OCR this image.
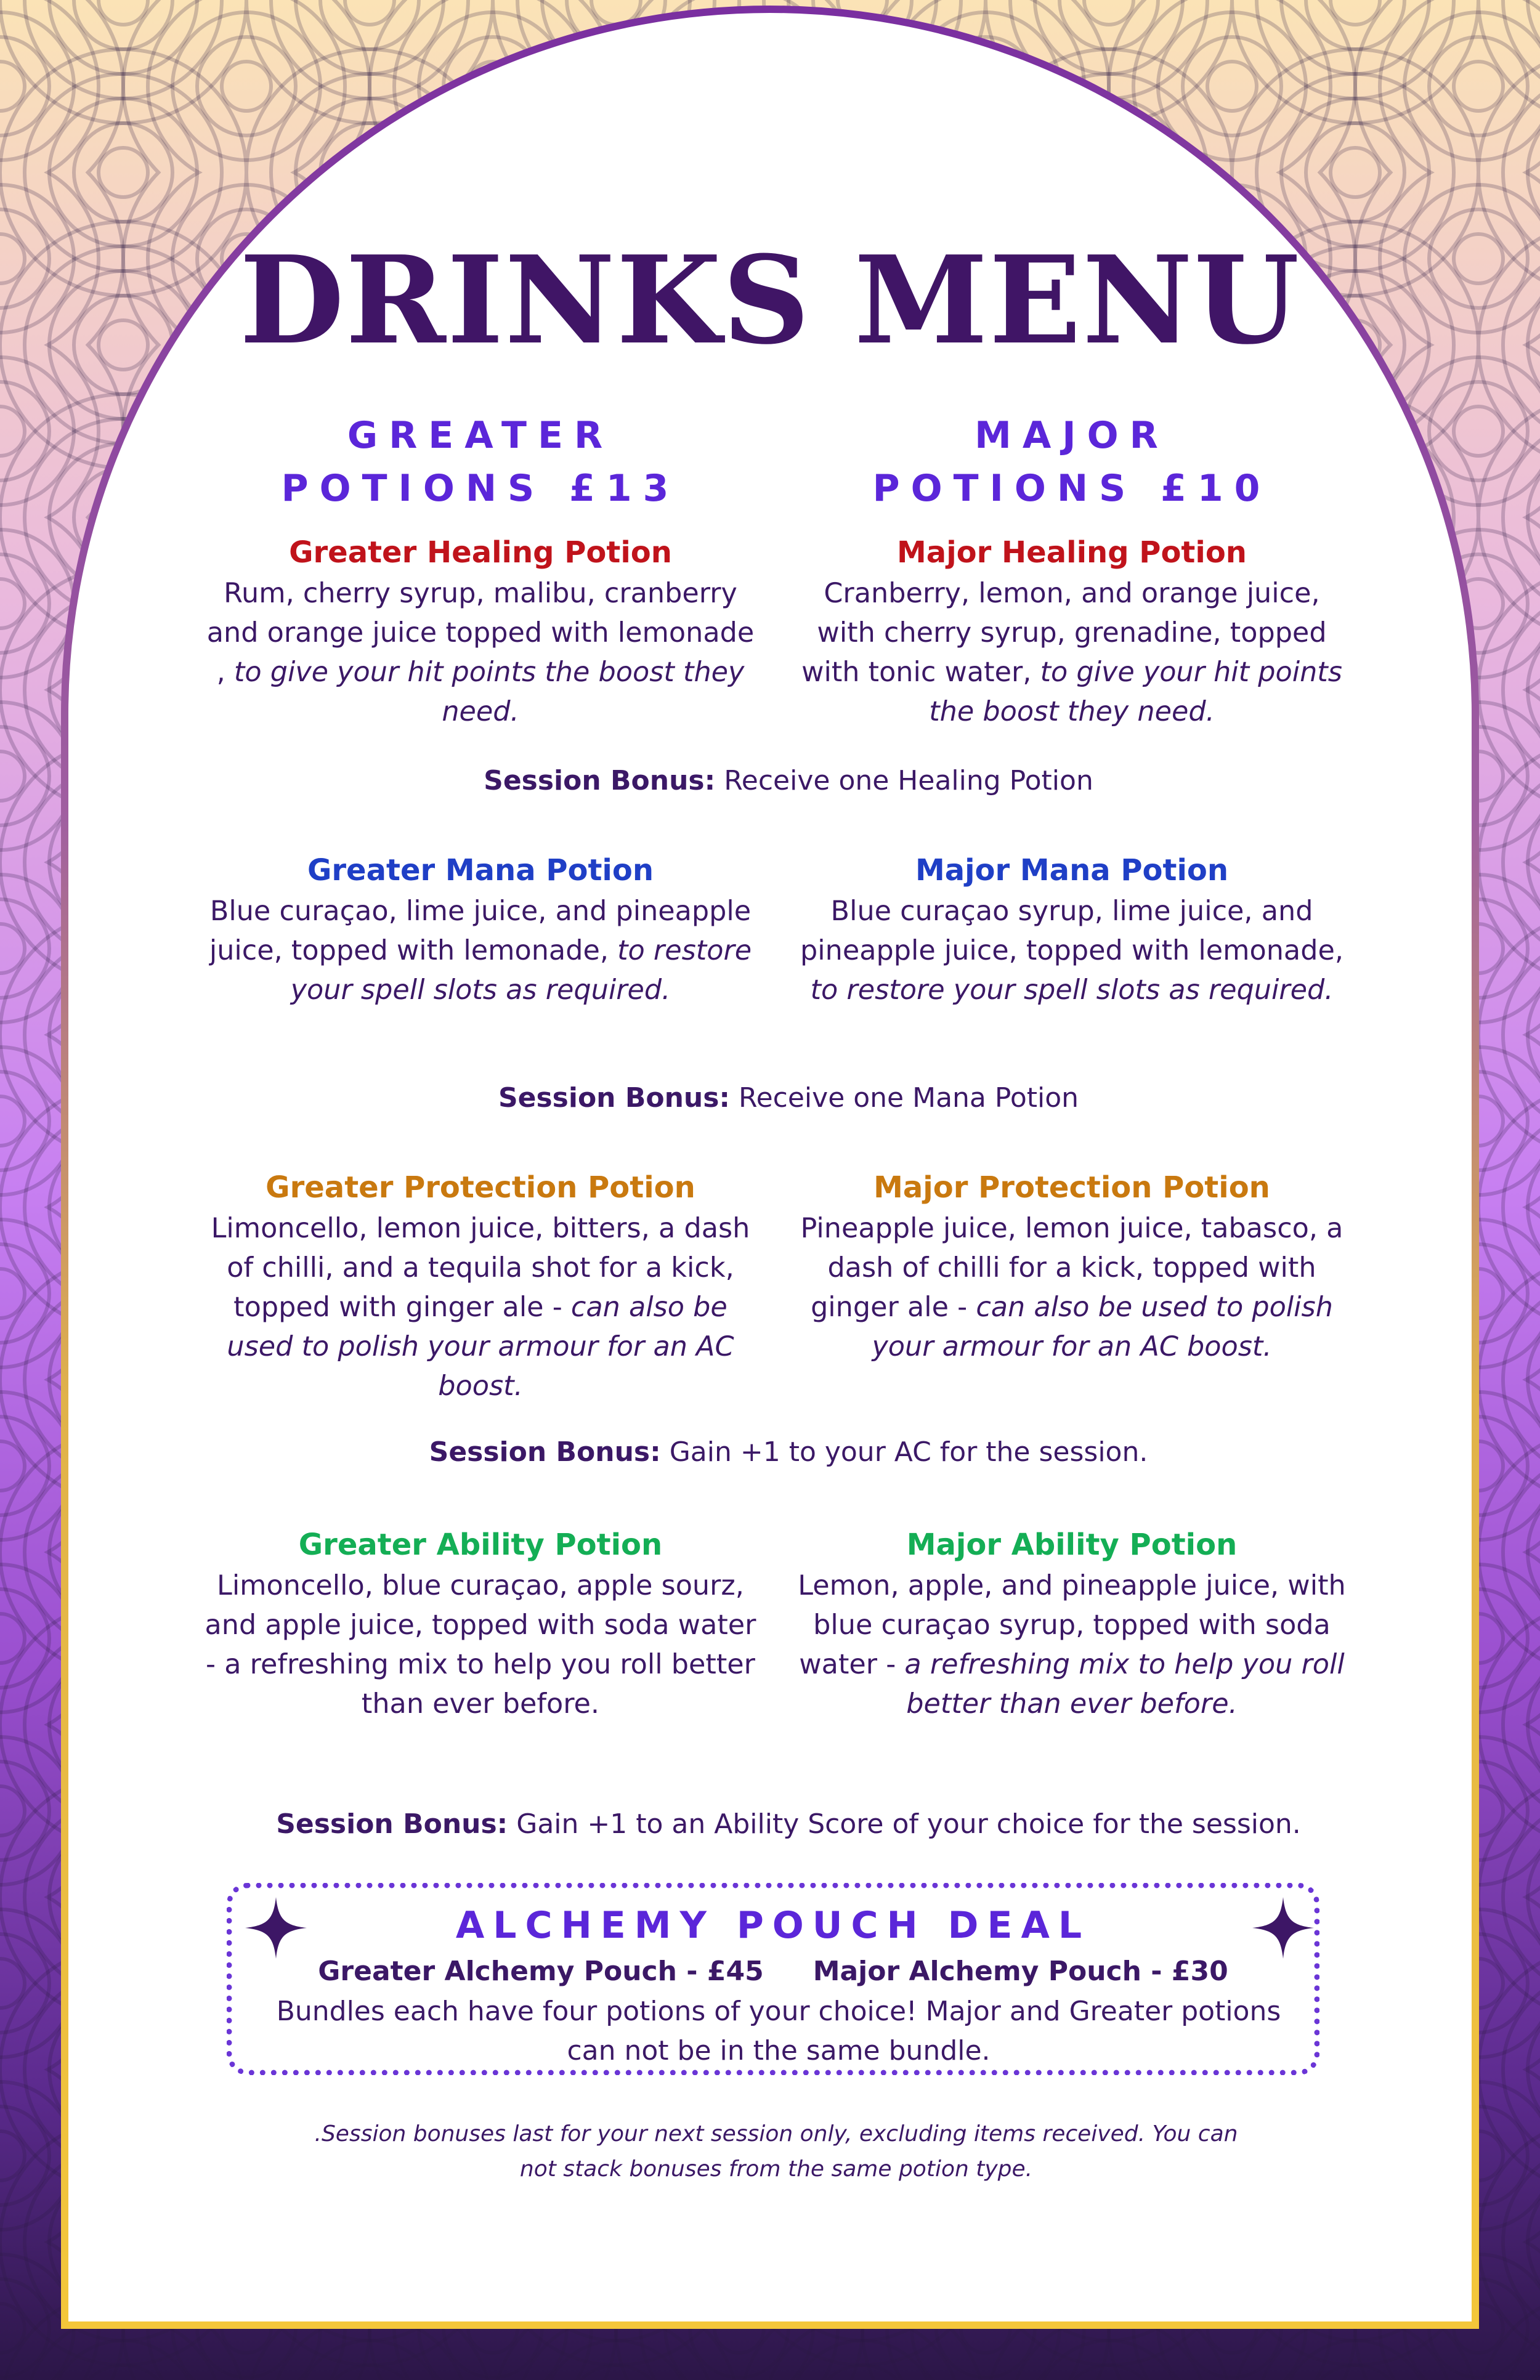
DRINKS MENU
GREATER
POTIONS £13
MAJOR
POTIONS £10
Greater Healing Potion

Rum, cherry syrup, malibu, cranberry and orange juice topped with lemonade , to give your hit points the boost they need.

Major Healing Potion

Cranberry, lemon, and orange juice, with cherry syrup, grenadine, topped with tonic water, to give your hit points the boost they need.

Session Bonus: Receive one Healing Potion
Greater Mana Potion

Blue curaçao, lime juice, and pineapple juice, topped with lemonade, to restore your spell slots as required.

Major Mana Potion

Blue curaçao syrup, lime juice, and pineapple juice, topped with lemonade, to restore your spell slots as required.

Session Bonus: Receive one Mana Potion
Greater Protection Potion

Limoncello, lemon juice, bitters, a dash of chilli, and a tequila shot for a kick, topped with ginger ale - can also be used to polish your armour for an AC boost.

Major Protection Potion

Pineapple juice, lemon juice, tabasco, a dash of chilli for a kick, topped with ginger ale - can also be used to polish your armour for an AC boost.

Session Bonus: Gain +1 to your AC for the session.
Greater Ability Potion

Limoncello, blue curaçao, apple sourz, and apple juice, topped with soda water - a refreshing mix to help you roll better than ever before.

Major Ability Potion

Lemon, apple, and pineapple juice, with blue curaçao syrup, topped with soda water - a refreshing mix to help you roll better than ever before.

Session Bonus: Gain +1 to an Ability Score of your choice for the session.
ALCHEMY POUCH DEAL
Greater Alchemy Pouch - £45 Major Alchemy Pouch - £30
Bundles each have four potions of your choice! Major and Greater potions can not be in the same bundle.
.Session bonuses last for your next session only, excluding items received. You can not stack bonuses from the same potion type.
